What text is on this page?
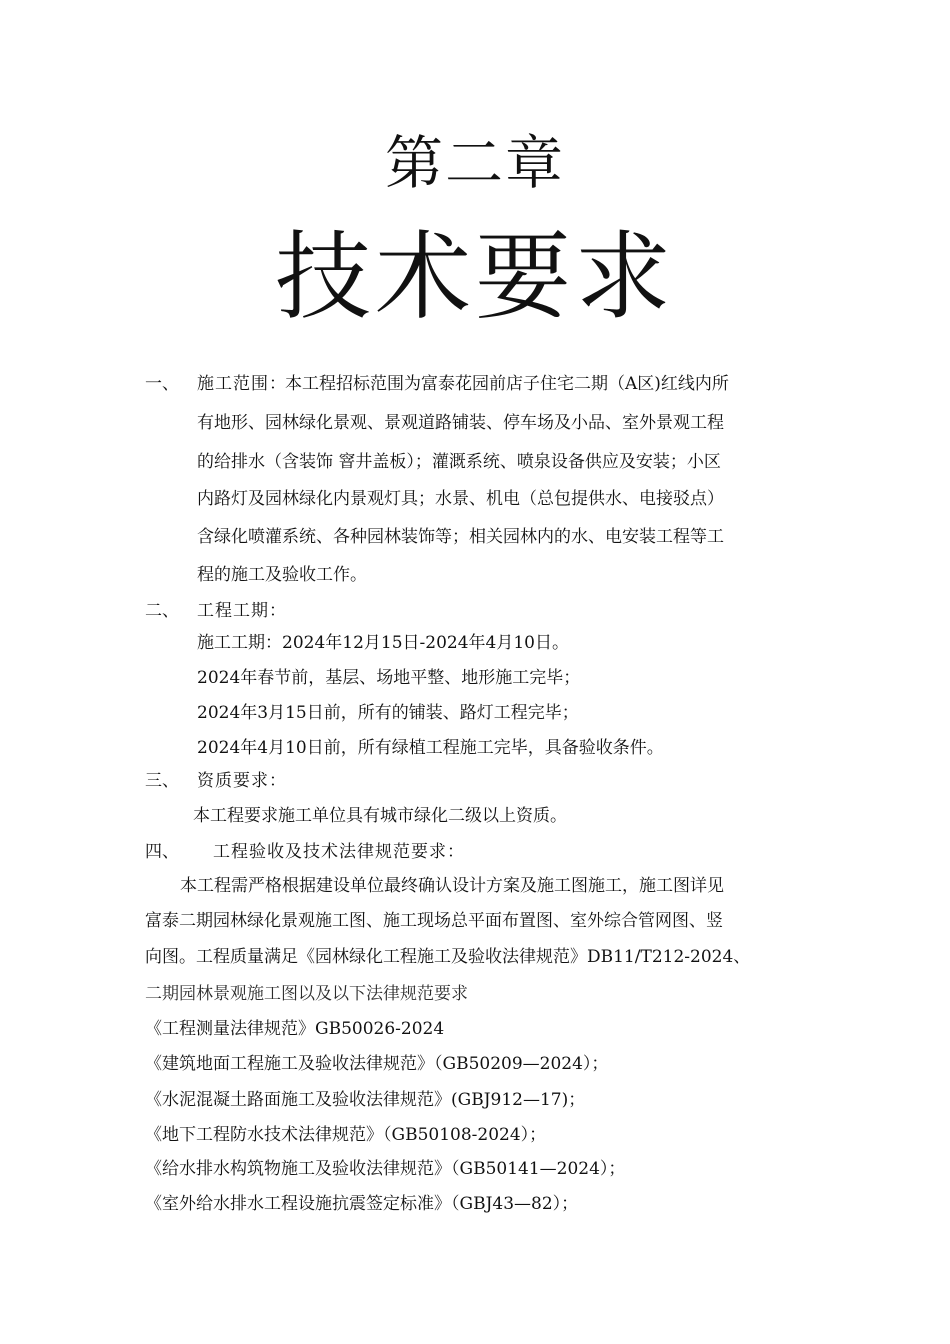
第二章
技术要求
一、 施工范围：
本工程招标范围为富泰花园前店子住宅二期（A区)红线内所
有地形、园林绿化景观、景观道路铺装、停车场及小品、室外景观工程
的给排水（含装饰 窨井盖板）；灌溉系统、喷泉设备供应及安装；小区
内路灯及园林绿化内景观灯具；水景、机电（总包提供水、电接驳点）
含绿化喷灌系统、各种园林装饰等；相关园林内的水、电安装工程等工
程的施工及验收工作。
二、 工程工期：
施工工期：2024年12月15日-2024年4月10日。
2024年春节前，基层、场地平整、地形施工完毕；
2024年3月15日前，所有的铺装、路灯工程完毕；
2024年4月10日前，所有绿植工程施工完毕，具备验收条件。
三、 资质要求：
本工程要求施工单位具有城市绿化二级以上资质。
四、 工程验收及技术法律规范要求：
本工程需严格根据建设单位最终确认设计方案及施工图施工，施工图详见
富泰二期园林绿化景观施工图、施工现场总平面布置图、室外综合管网图、竖
向图。工程质量满足《园林绿化工程施工及验收法律规范》DB11/T212-2024、
二期园林景观施工图以及以下法律规范要求
《工程测量法律规范》GB50026-2024
《建筑地面工程施工及验收法律规范》（GB50209—2024）；
《水泥混凝土路面施工及验收法律规范》(GBJ912—17)；
《地下工程防水技术法律规范》（GB50108-2024）；
《给水排水构筑物施工及验收法律规范》（GB50141—2024）；
《室外给水排水工程设施抗震签定标准》（GBJ43—82）；
